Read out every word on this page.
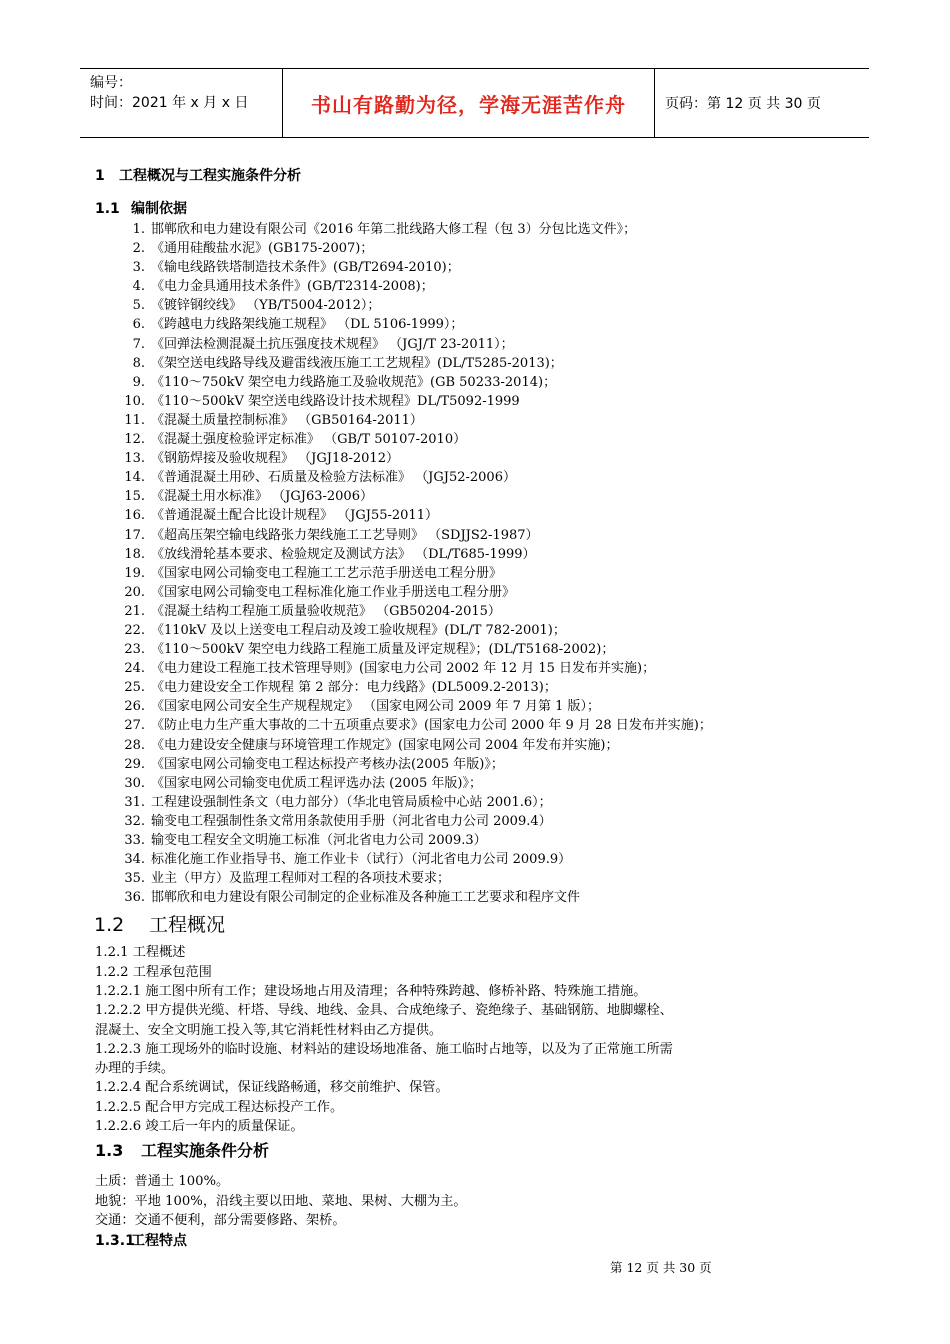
编号：
时间：2021 年 x 月 x 日	书山有路勤为径，学海无涯苦作舟	页码：第 12 页 共 30 页
1 工程概况与工程实施条件分析
1.1 编制依据
1. 邯郸欣和电力建设有限公司《2016 年第二批线路大修工程（包 3）分包比选文件》；
2. 《通用硅酸盐水泥》(GB175-2007)；
3. 《输电线路铁塔制造技术条件》(GB/T2694-2010)；
4. 《电力金具通用技术条件》(GB/T2314-2008)；
5. 《镀锌钢绞线》 （YB/T5004-2012）；
6. 《跨越电力线路架线施工规程》 （DL 5106-1999）；
7. 《回弹法检测混凝土抗压强度技术规程》 （JGJ/T 23-2011）；
8. 《架空送电线路导线及避雷线液压施工工艺规程》(DL/T5285-2013)；
9. 《110～750kV 架空电力线路施工及验收规范》(GB 50233-2014)；
10. 《110～500kV 架空送电线路设计技术规程》DL/T5092-1999
11. 《混凝土质量控制标准》 （GB50164-2011）
12. 《混凝土强度检验评定标准》 （GB/T 50107-2010）
13. 《钢筋焊接及验收规程》 （JGJ18-2012）
14. 《普通混凝土用砂、石质量及检验方法标准》 （JGJ52-2006）
15. 《混凝土用水标准》 （JGJ63-2006）
16. 《普通混凝土配合比设计规程》 （JGJ55-2011）
17. 《超高压架空输电线路张力架线施工工艺导则》 （SDJJS2-1987）
18. 《放线滑轮基本要求、检验规定及测试方法》 （DL/T685-1999）
19. 《国家电网公司输变电工程施工工艺示范手册送电工程分册》
20. 《国家电网公司输变电工程标准化施工作业手册送电工程分册》
21. 《混凝土结构工程施工质量验收规范》 （GB50204-2015）
22. 《110kV 及以上送变电工程启动及竣工验收规程》(DL/T 782-2001)；
23. 《110～500kV 架空电力线路工程施工质量及评定规程》；(DL/T5168-2002)；
24. 《电力建设工程施工技术管理导则》(国家电力公司 2002 年 12 月 15 日发布并实施)；
25. 《电力建设安全工作规程 第 2 部分：电力线路》(DL5009.2-2013)；
26. 《国家电网公司安全生产规程规定》 （国家电网公司 2009 年 7 月第 1 版）；
27. 《防止电力生产重大事故的二十五项重点要求》(国家电力公司 2000 年 9 月 28 日发布并实施)；
28. 《电力建设安全健康与环境管理工作规定》(国家电网公司 2004 年发布并实施)；
29. 《国家电网公司输变电工程达标投产考核办法(2005 年版)》；
30. 《国家电网公司输变电优质工程评选办法 (2005 年版)》；
31. 工程建设强制性条文（电力部分）（华北电管局质检中心站 2001.6）；
32. 输变电工程强制性条文常用条款使用手册（河北省电力公司 2009.4）
33. 输变电工程安全文明施工标准（河北省电力公司 2009.3）
34. 标准化施工作业指导书、施工作业卡（试行）（河北省电力公司 2009.9）
35. 业主（甲方）及监理工程师对工程的各项技术要求；
36. 邯郸欣和电力建设有限公司制定的企业标准及各种施工工艺要求和程序文件
1.2 工程概况
1.2.1 工程概述
1.2.2 工程承包范围
1.2.2.1 施工图中所有工作；建设场地占用及清理；各种特殊跨越、修桥补路、特殊施工措施。
1.2.2.2 甲方提供光缆、杆塔、导线、地线、金具、合成绝缘子、瓷绝缘子、基础钢筋、地脚螺栓、
混凝土、安全文明施工投入等,其它消耗性材料由乙方提供。
1.2.2.3 施工现场外的临时设施、材料站的建设场地准备、施工临时占地等，以及为了正常施工所需
办理的手续。
1.2.2.4 配合系统调试，保证线路畅通，移交前维护、保管。
1.2.2.5 配合甲方完成工程达标投产工作。
1.2.2.6 竣工后一年内的质量保证。
1.3 工程实施条件分析
土质：普通土 100%。
地貌：平地 100%，沿线主要以田地、菜地、果树、大棚为主。
交通：交通不便利，部分需要修路、架桥。
1.3.1工程特点
第 12 页 共 30 页
